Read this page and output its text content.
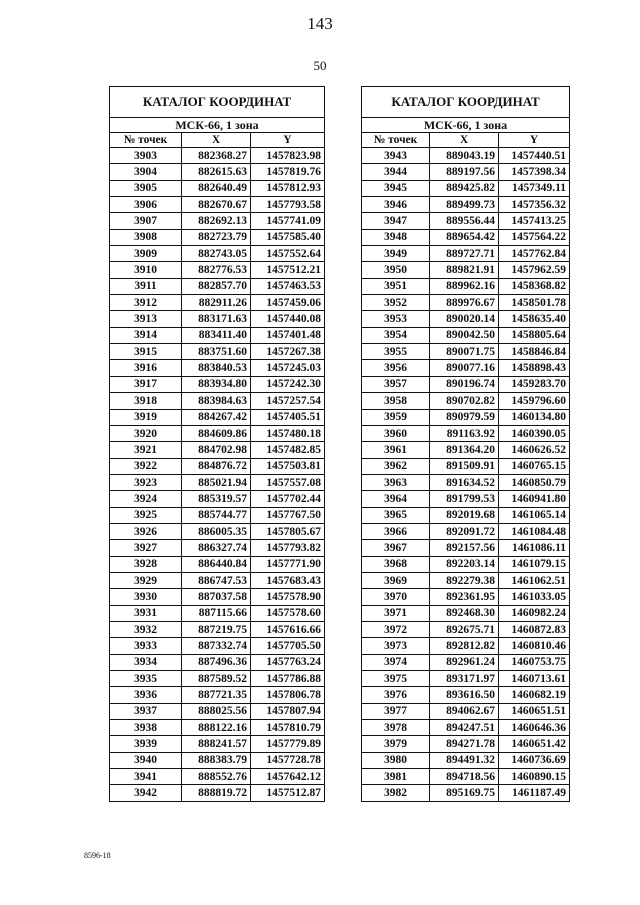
143
50
КАТАЛОГ КООРДИНАТ		
МСК-66, 1 зона		
№ точек	X	Y
3903	882368.27	1457823.98
3904	882615.63	1457819.76
3905	882640.49	1457812.93
3906	882670.67	1457793.58
3907	882692.13	1457741.09
3908	882723.79	1457585.40
3909	882743.05	1457552.64
3910	882776.53	1457512.21
3911	882857.70	1457463.53
3912	882911.26	1457459.06
3913	883171.63	1457440.08
3914	883411.40	1457401.48
3915	883751.60	1457267.38
3916	883840.53	1457245.03
3917	883934.80	1457242.30
3918	883984.63	1457257.54
3919	884267.42	1457405.51
3920	884609.86	1457480.18
3921	884702.98	1457482.85
3922	884876.72	1457503.81
3923	885021.94	1457557.08
3924	885319.57	1457702.44
3925	885744.77	1457767.50
3926	886005.35	1457805.67
3927	886327.74	1457793.82
3928	886440.84	1457771.90
3929	886747.53	1457683.43
3930	887037.58	1457578.90
3931	887115.66	1457578.60
3932	887219.75	1457616.66
3933	887332.74	1457705.50
3934	887496.36	1457763.24
3935	887589.52	1457786.88
3936	887721.35	1457806.78
3937	888025.56	1457807.94
3938	888122.16	1457810.79
3939	888241.57	1457779.89
3940	888383.79	1457728.78
3941	888552.76	1457642.12
3942	888819.72	1457512.87
КАТАЛОГ КООРДИНАТ		
МСК-66, 1 зона		
№ точек	X	Y
3943	889043.19	1457440.51
3944	889197.56	1457398.34
3945	889425.82	1457349.11
3946	889499.73	1457356.32
3947	889556.44	1457413.25
3948	889654.42	1457564.22
3949	889727.71	1457762.84
3950	889821.91	1457962.59
3951	889962.16	1458368.82
3952	889976.67	1458501.78
3953	890020.14	1458635.40
3954	890042.50	1458805.64
3955	890071.75	1458846.84
3956	890077.16	1458898.43
3957	890196.74	1459283.70
3958	890702.82	1459796.60
3959	890979.59	1460134.80
3960	891163.92	1460390.05
3961	891364.20	1460626.52
3962	891509.91	1460765.15
3963	891634.52	1460850.79
3964	891799.53	1460941.80
3965	892019.68	1461065.14
3966	892091.72	1461084.48
3967	892157.56	1461086.11
3968	892203.14	1461079.15
3969	892279.38	1461062.51
3970	892361.95	1461033.05
3971	892468.30	1460982.24
3972	892675.71	1460872.83
3973	892812.82	1460810.46
3974	892961.24	1460753.75
3975	893171.97	1460713.61
3976	893616.50	1460682.19
3977	894062.67	1460651.51
3978	894247.51	1460646.36
3979	894271.78	1460651.42
3980	894491.32	1460736.69
3981	894718.56	1460890.15
3982	895169.75	1461187.49
8596-18
